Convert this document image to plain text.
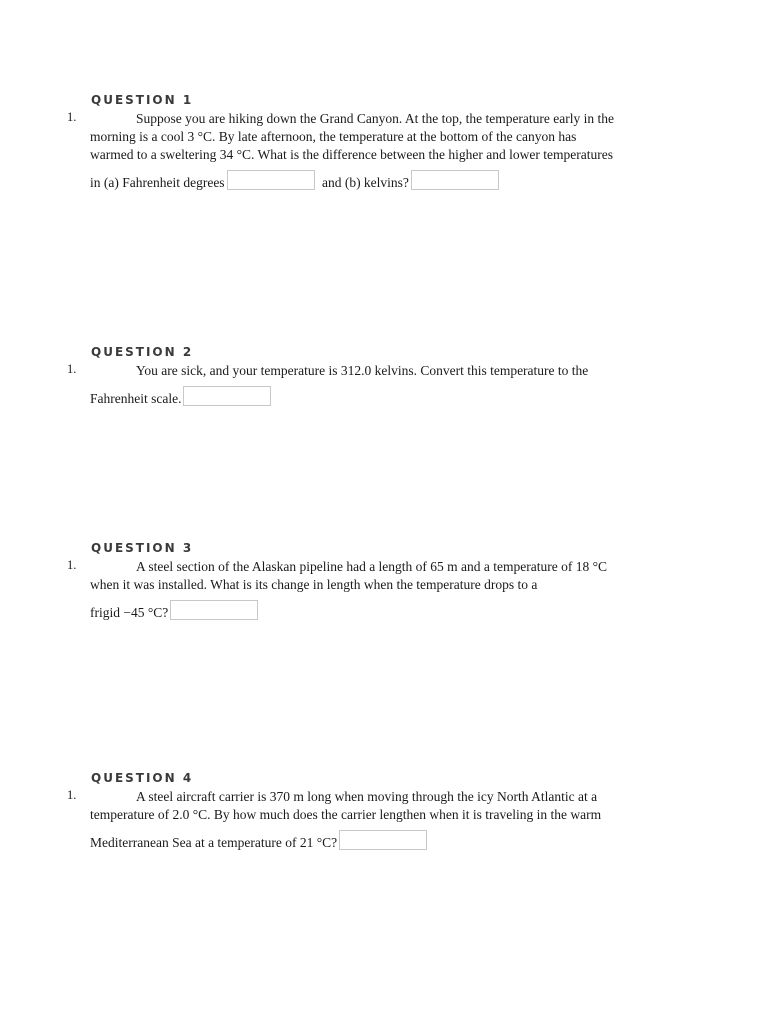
QUESTION 1
1.	Suppose you are hiking down the Grand Canyon. At the top, the temperature early in the
morning is a cool 3 °C. By late afternoon, the temperature at the bottom of the canyon has
warmed to a sweltering 34 °C. What is the difference between the higher and lower temperatures
in (a) Fahrenheit degrees	and (b) kelvins?
QUESTION 2
1.	You are sick, and your temperature is 312.0 kelvins. Convert this temperature to the
Fahrenheit scale.
QUESTION 3
1.	A steel section of the Alaskan pipeline had a length of 65 m and a temperature of 18 °C
when it was installed. What is its change in length when the temperature drops to a
frigid −45 °C?
QUESTION 4
1.	A steel aircraft carrier is 370 m long when moving through the icy North Atlantic at a
temperature of 2.0 °C. By how much does the carrier lengthen when it is traveling in the warm
Mediterranean Sea at a temperature of 21 °C?
